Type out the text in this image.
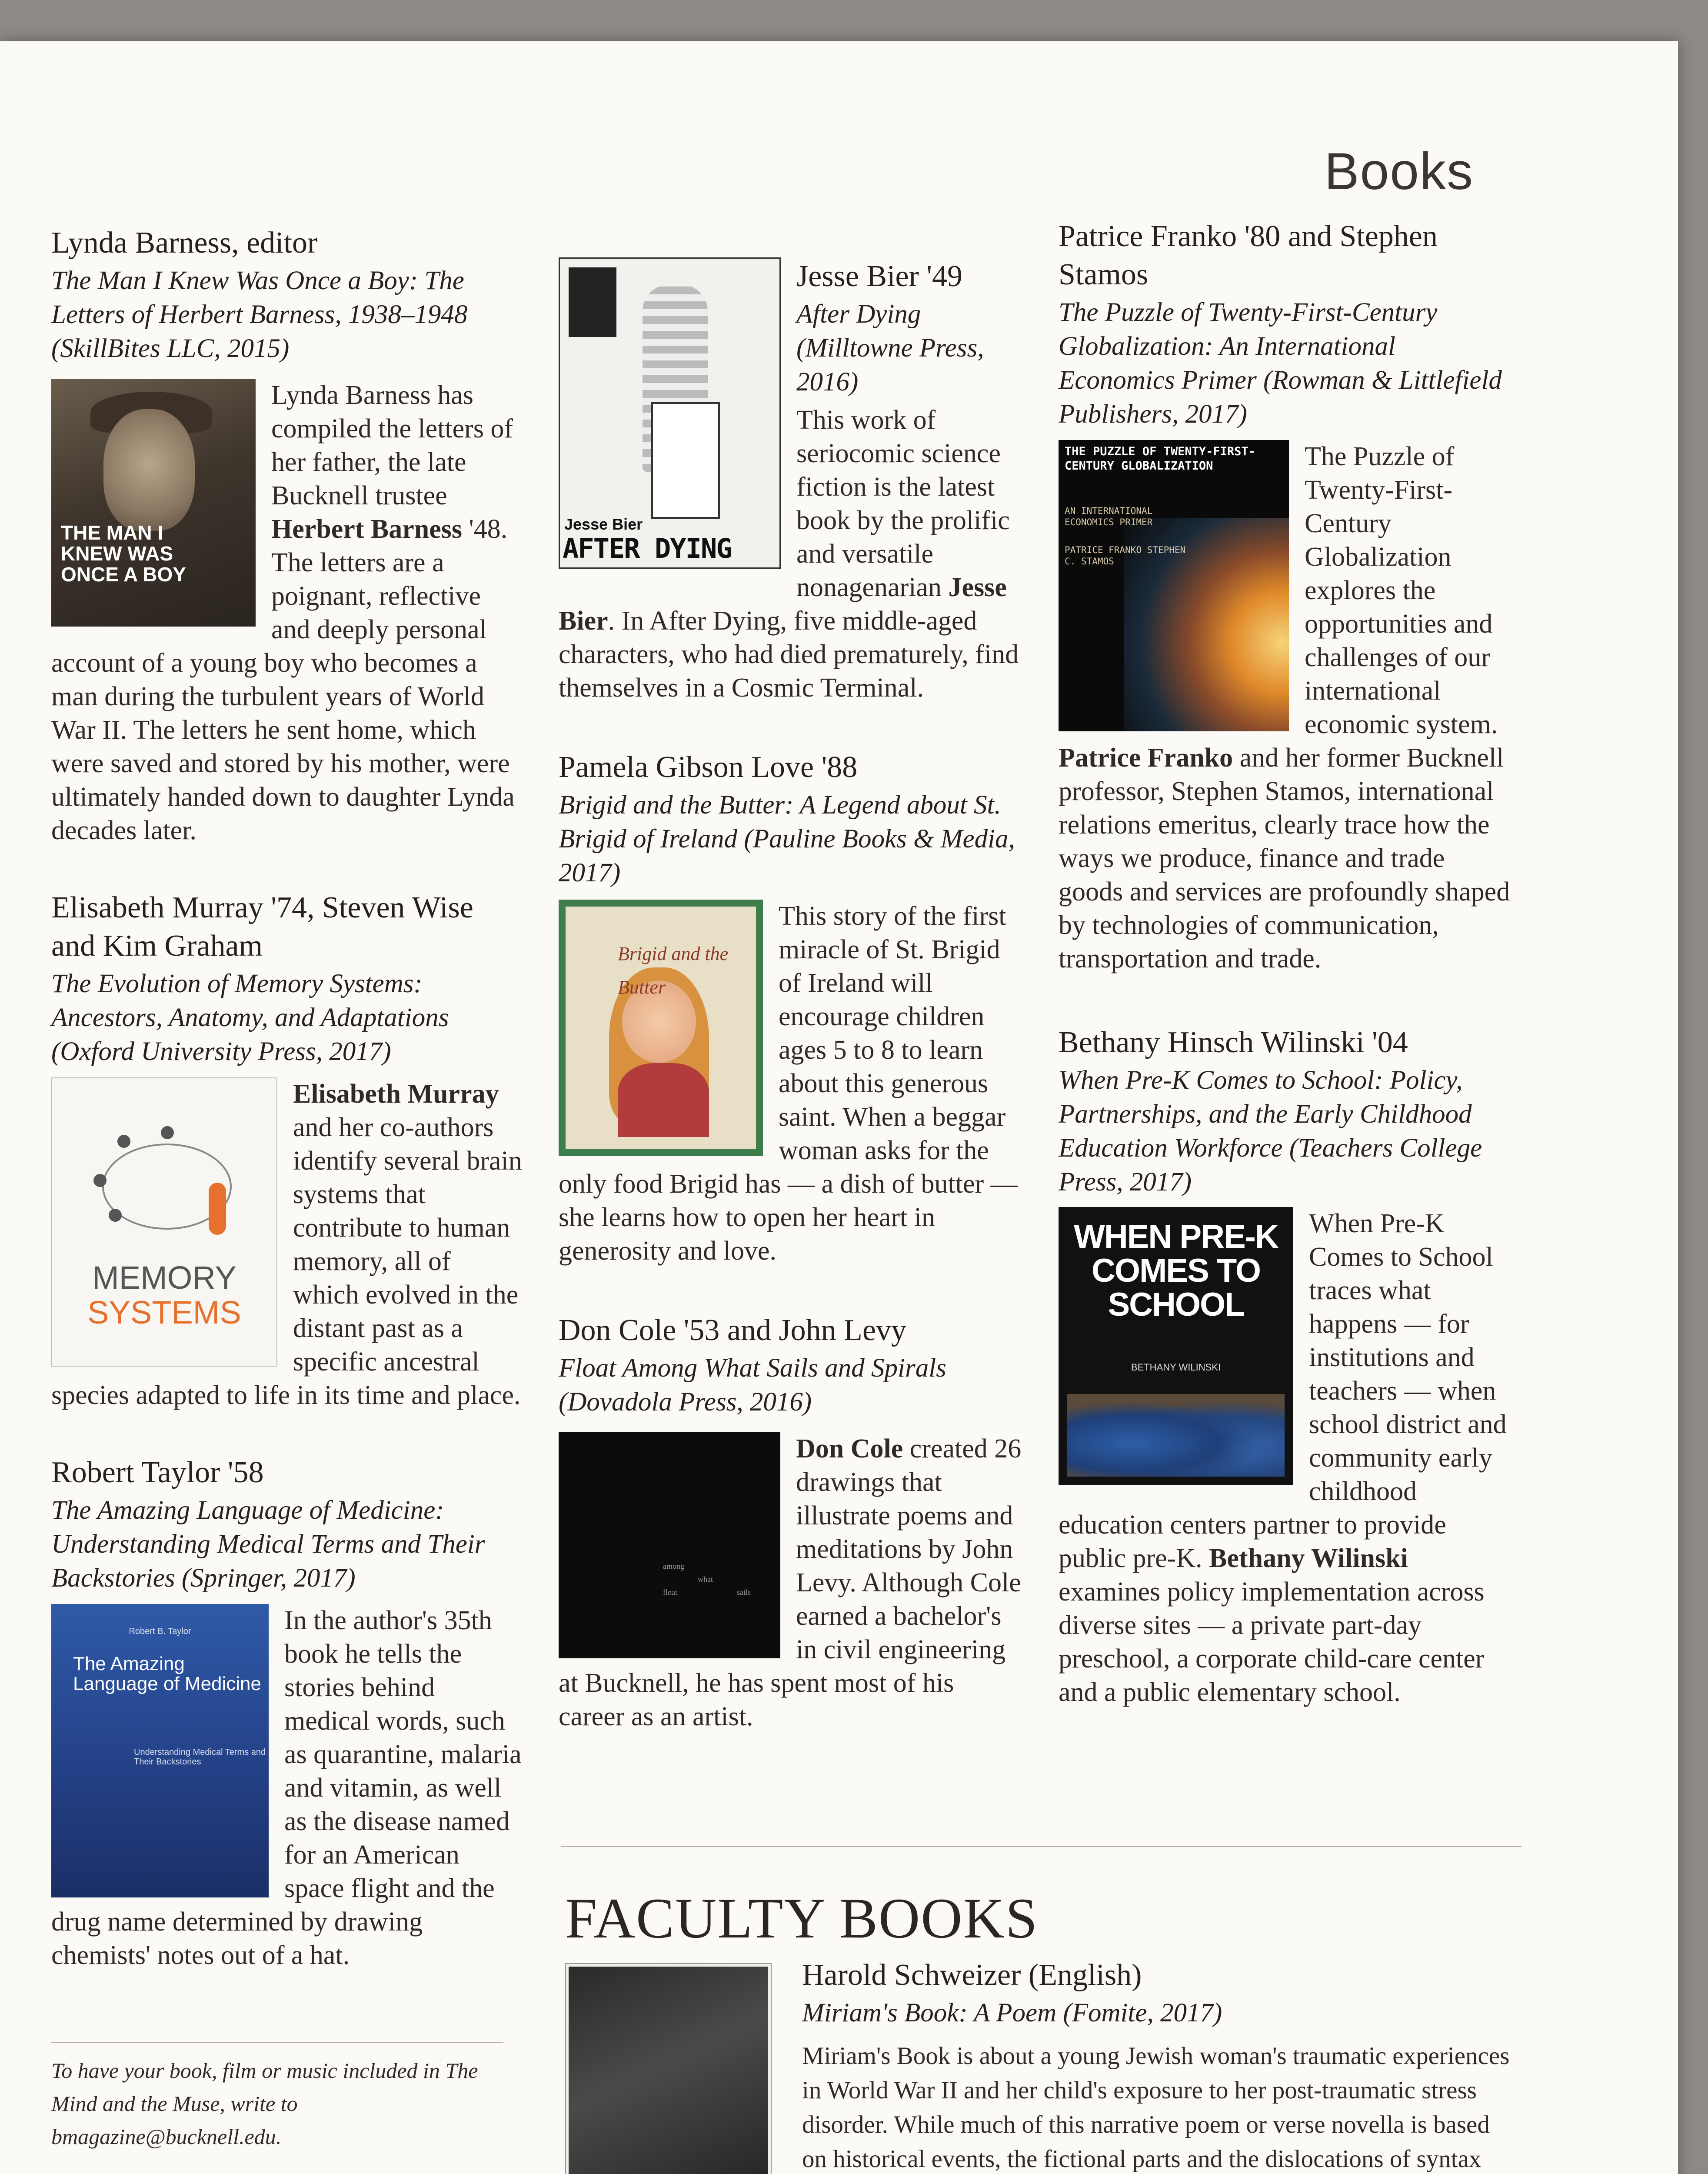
Books
Lynda Barness, editor
The Man I Knew Was Once a Boy: The Letters of Herbert Barness, 1938–1948 (SkillBites LLC, 2015)
THE MAN I KNEW WAS ONCE A BOY
Lynda Barness has compiled the letters of her father, the late Bucknell trustee Herbert Barness '48. The letters are a poignant, reflective and deeply personal account of a young boy who becomes a man during the turbulent years of World War II. The letters he sent home, which were saved and stored by his mother, were ultimately handed down to daughter Lynda decades later.
Elisabeth Murray '74, Steven Wise and Kim Graham
The Evolution of Memory Systems: Ancestors, Anatomy, and Adaptations (Oxford University Press, 2017)
MEMORY
SYSTEMS
Elisabeth Murray and her co-authors identify several brain systems that contribute to human memory, all of which evolved in the distant past as a specific ancestral species adapted to life in its time and place.
Robert Taylor '58
The Amazing Language of Medicine: Understanding Medical Terms and Their Backstories (Springer, 2017)
Robert B. Taylor
The Amazing Language of Medicine
Understanding Medical Terms and Their Backstories
In the author's 35th book he tells the stories behind medical words, such as quarantine, malaria and vitamin, as well as the disease named for an American space flight and the drug name determined by drawing chemists' notes out of a hat.
To have your book, film or music included in The Mind and the Muse, write to bmagazine@bucknell.edu.
Jesse Bier
AFTER DYING
Jesse Bier '49
After Dying (Milltowne Press, 2016)
This work of seriocomic science fiction is the latest book by the prolific and versatile nonagenarian Jesse Bier. In After Dying, five middle-aged characters, who had died prematurely, find themselves in a Cosmic Terminal.
Pamela Gibson Love '88
Brigid and the Butter: A Legend about St. Brigid of Ireland (Pauline Books & Media, 2017)
Brigid and the Butter
This story of the first miracle of St. Brigid of Ireland will encourage children ages 5 to 8 to learn about this generous saint. When a beggar woman asks for the only food Brigid has — a dish of butter — she learns how to open her heart in generosity and love.
Don Cole '53 and John Levy
Float Among What Sails and Spirals (Dovadola Press, 2016)
among
what
float	sails
Don Cole created 26 drawings that illustrate poems and meditations by John Levy. Although Cole earned a bachelor's in civil engineering at Bucknell, he has spent most of his career as an artist.
Patrice Franko '80 and Stephen Stamos
The Puzzle of Twenty-First-Century Globalization: An International Economics Primer (Rowman & Littlefield Publishers, 2017)
THE PUZZLE OF TWENTY-FIRST-CENTURY GLOBALIZATION
AN INTERNATIONAL ECONOMICS PRIMER
PATRICE FRANKO STEPHEN C. STAMOS
The Puzzle of Twenty-First-Century Globalization explores the opportunities and challenges of our international economic system. Patrice Franko and her former Bucknell professor, Stephen Stamos, international relations emeritus, clearly trace how the ways we produce, finance and trade goods and services are profoundly shaped by technologies of communication, transportation and trade.
Bethany Hinsch Wilinski '04
When Pre-K Comes to School: Policy, Partnerships, and the Early Childhood Education Workforce (Teachers College Press, 2017)
WHEN PRE-K COMES TO SCHOOL
BETHANY WILINSKI
When Pre-K Comes to School traces what happens — for institutions and teachers — when school district and community early childhood education centers partner to provide public pre-K. Bethany Wilinski examines policy implementation across diverse sites — a private part-day preschool, a corporate child-care center and a public elementary school.
FACULTY BOOKS
Harold Schweizer (English)
Miriam's Book: A Poem (Fomite, 2017)
Miriam's Book is about a young Jewish woman's traumatic experiences in World War II and her child's exposure to her post-traumatic stress disorder. While much of this narrative poem or verse novella is based on historical events, the fictional parts and the dislocations of syntax
